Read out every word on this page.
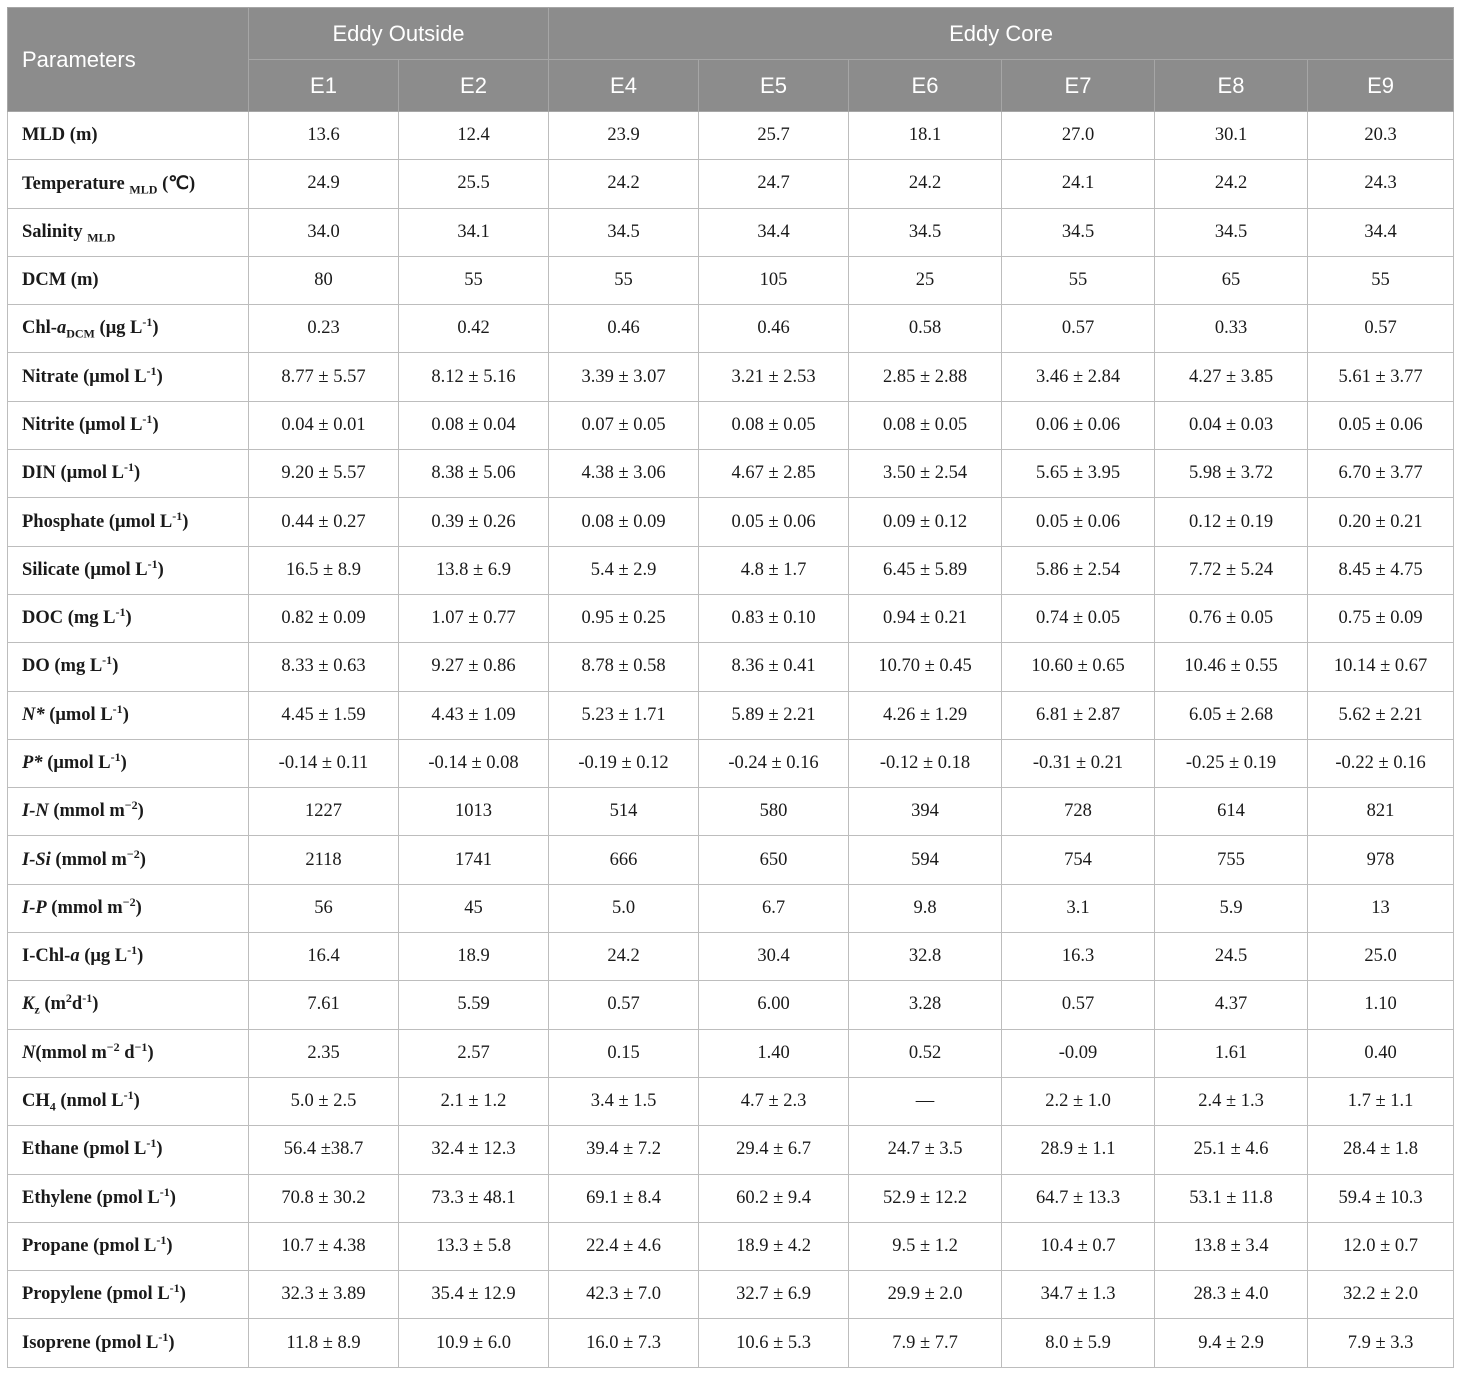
Parameters	Eddy Outside		Eddy Core					
	E1	E2	E4	E5	E6	E7	E8	E9
MLD (m)	13.6	12.4	23.9	25.7	18.1	27.0	30.1	20.3
Temperature $_{MLD}$ (℃)	24.9	25.5	24.2	24.7	24.2	24.1	24.2	24.3
Salinity $_{MLD}$	34.0	34.1	34.5	34.4	34.5	34.5	34.5	34.4
DCM (m)	80	55	55	105	25	55	65	55
Chl-$a_{DCM}$ (μg $L^{-1}$)	0.23	0.42	0.46	0.46	0.58	0.57	0.33	0.57
Nitrate (μmol $L^{-1}$)	8.77 ± 5.57	8.12 ± 5.16	3.39 ± 3.07	3.21 ± 2.53	2.85 ± 2.88	3.46 ± 2.84	4.27 ± 3.85	5.61 ± 3.77
Nitrite (μmol $L^{-1}$)	0.04 ± 0.01	0.08 ± 0.04	0.07 ± 0.05	0.08 ± 0.05	0.08 ± 0.05	0.06 ± 0.06	0.04 ± 0.03	0.05 ± 0.06
DIN (μmol $L^{-1}$)	9.20 ± 5.57	8.38 ± 5.06	4.38 ± 3.06	4.67 ± 2.85	3.50 ± 2.54	5.65 ± 3.95	5.98 ± 3.72	6.70 ± 3.77
Phosphate (μmol $L^{-1}$)	0.44 ± 0.27	0.39 ± 0.26	0.08 ± 0.09	0.05 ± 0.06	0.09 ± 0.12	0.05 ± 0.06	0.12 ± 0.19	0.20 ± 0.21
Silicate (μmol $L^{-1}$)	16.5 ± 8.9	13.8 ± 6.9	5.4 ± 2.9	4.8 ± 1.7	6.45 ± 5.89	5.86 ± 2.54	7.72 ± 5.24	8.45 ± 4.75
DOC (mg $L^{-1}$)	0.82 ± 0.09	1.07 ± 0.77	0.95 ± 0.25	0.83 ± 0.10	0.94 ± 0.21	0.74 ± 0.05	0.76 ± 0.05	0.75 ± 0.09
DO (mg $L^{-1}$)	8.33 ± 0.63	9.27 ± 0.86	8.78 ± 0.58	8.36 ± 0.41	10.70 ± 0.45	10.60 ± 0.65	10.46 ± 0.55	10.14 ± 0.67
N* (μmol $L^{-1}$)	4.45 ± 1.59	4.43 ± 1.09	5.23 ± 1.71	5.89 ± 2.21	4.26 ± 1.29	6.81 ± 2.87	6.05 ± 2.68	5.62 ± 2.21
P* (μmol $L^{-1}$)	-0.14 ± 0.11	-0.14 ± 0.08	-0.19 ± 0.12	-0.24 ± 0.16	-0.12 ± 0.18	-0.31 ± 0.21	-0.25 ± 0.19	-0.22 ± 0.16
I-N (mmol $m^{-2}$)	1227	1013	514	580	394	728	614	821
I-Si (mmol $m^{-2}$)	2118	1741	666	650	594	754	755	978
I-P (mmol $m^{-2}$)	56	45	5.0	6.7	9.8	3.1	5.9	13
I-Chl-a (μg $L^{-1}$)	16.4	18.9	24.2	30.4	32.8	16.3	24.5	25.0
$K_z$ $(m^2d^{-1})$	7.61	5.59	0.57	6.00	3.28	0.57	4.37	1.10
N(mmol $m^{-2}$ $d^{-1}$)	2.35	2.57	0.15	1.40	0.52	-0.09	1.61	0.40
$CH_4$ (nmol $L^{-1}$)	5.0 ± 2.5	2.1 ± 1.2	3.4 ± 1.5	4.7 ± 2.3	—	2.2 ± 1.0	2.4 ± 1.3	1.7 ± 1.1
Ethane (pmol $L^{-1}$)	56.4 ±38.7	32.4 ± 12.3	39.4 ± 7.2	29.4 ± 6.7	24.7 ± 3.5	28.9 ± 1.1	25.1 ± 4.6	28.4 ± 1.8
Ethylene (pmol $L^{-1}$)	70.8 ± 30.2	73.3 ± 48.1	69.1 ± 8.4	60.2 ± 9.4	52.9 ± 12.2	64.7 ± 13.3	53.1 ± 11.8	59.4 ± 10.3
Propane (pmol $L^{-1}$)	10.7 ± 4.38	13.3 ± 5.8	22.4 ± 4.6	18.9 ± 4.2	9.5 ± 1.2	10.4 ± 0.7	13.8 ± 3.4	12.0 ± 0.7
Propylene (pmol $L^{-1}$)	32.3 ± 3.89	35.4 ± 12.9	42.3 ± 7.0	32.7 ± 6.9	29.9 ± 2.0	34.7 ± 1.3	28.3 ± 4.0	32.2 ± 2.0
Isoprene (pmol $L^{-1}$)	11.8 ± 8.9	10.9 ± 6.0	16.0 ± 7.3	10.6 ± 5.3	7.9 ± 7.7	8.0 ± 5.9	9.4 ± 2.9	7.9 ± 3.3
